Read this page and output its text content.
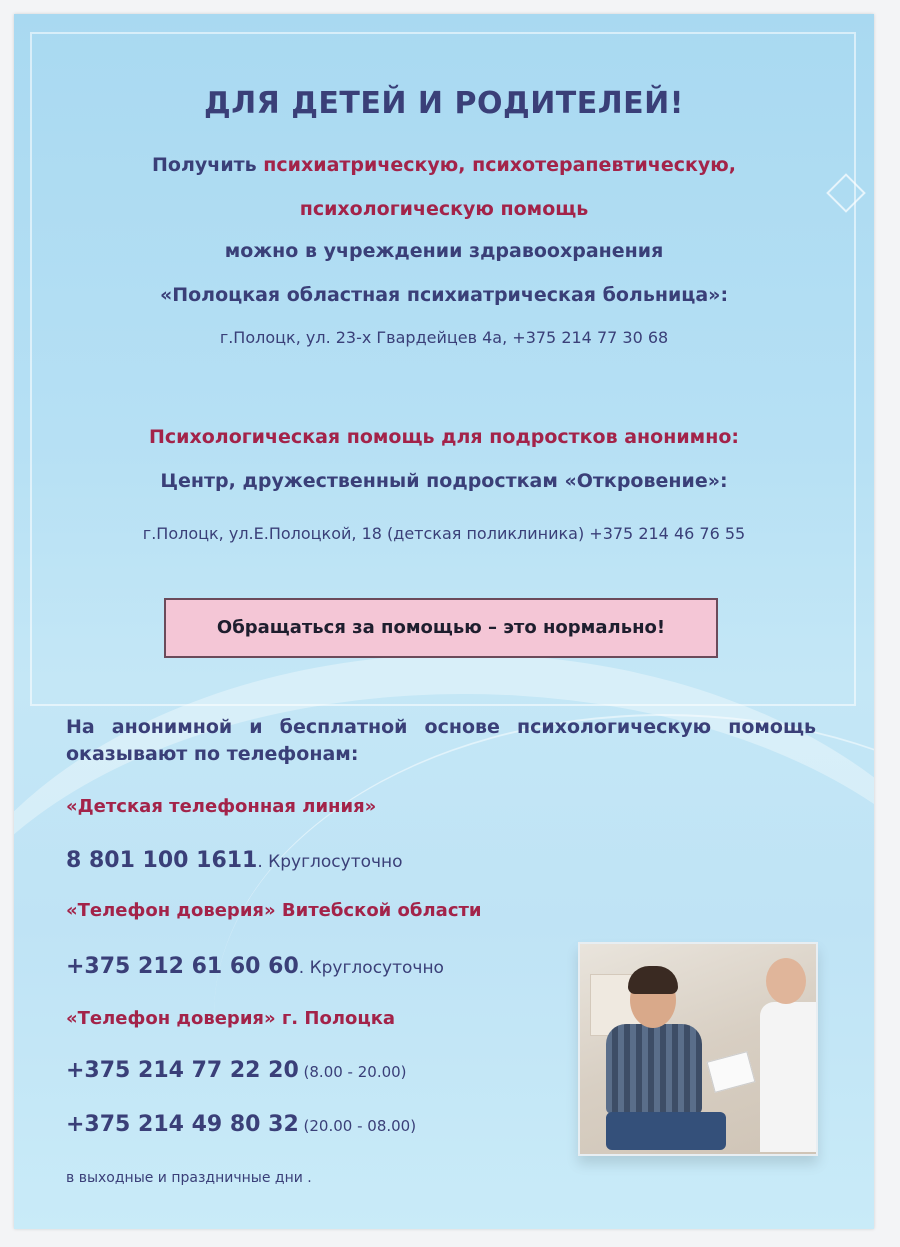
ДЛЯ ДЕТЕЙ И РОДИТЕЛЕЙ!
Получить психиатрическую, психотерапевтическую,
психологическую помощь
можно в учреждении здравоохранения
«Полоцкая областная психиатрическая больница»:
г.Полоцк, ул. 23-х Гвардейцев 4а, +375 214 77 30 68
Психологическая помощь для подростков анонимно:
Центр, дружественный подросткам «Откровение»:
г.Полоцк, ул.Е.Полоцкой, 18 (детская поликлиника) +375 214 46 76 55
Обращаться за помощью – это нормально!
На анонимной и бесплатной основе психологическую помощь оказывают по телефонам:
«Детская телефонная линия»
8 801 100 1611. Круглосуточно
«Телефон доверия» Витебской области
+375 212 61 60 60. Круглосуточно
«Телефон доверия» г. Полоцка
+375 214 77 22 20 (8.00 - 20.00)
+375 214 49 80 32 (20.00 - 08.00)
в выходные и праздничные дни .
